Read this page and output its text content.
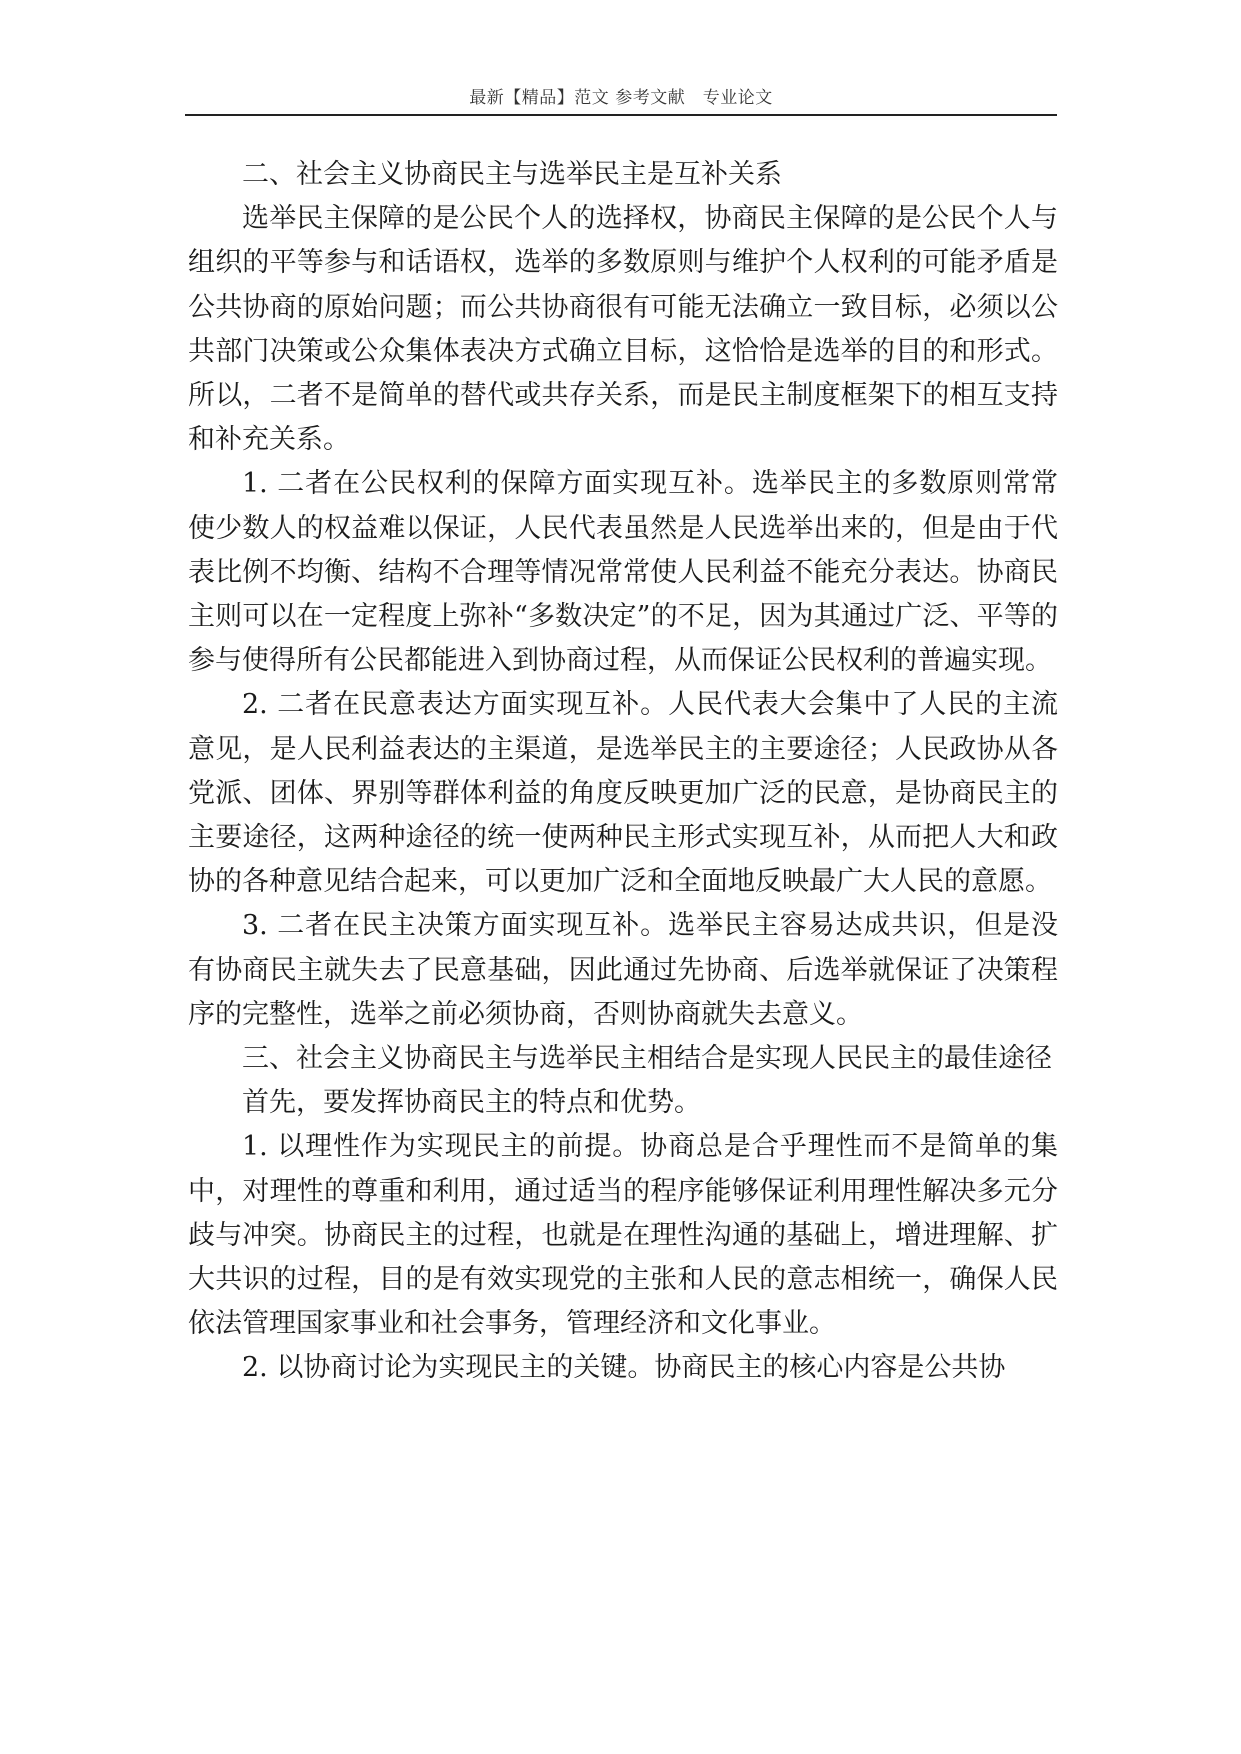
最新【精品】范文 参考文献　专业论文

二、社会主义协商民主与选举民主是互补关系

选举民主保障的是公民个人的选择权，协商民主保障的是公民个人与组织的平等参与和话语权，选举的多数原则与维护个人权利的可能矛盾是公共协商的原始问题；而公共协商很有可能无法确立一致目标，必须以公共部门决策或公众集体表决方式确立目标，这恰恰是选举的目的和形式。所以，二者不是简单的替代或共存关系，而是民主制度框架下的相互支持和补充关系。

1. 二者在公民权利的保障方面实现互补。选举民主的多数原则常常使少数人的权益难以保证，人民代表虽然是人民选举出来的，但是由于代表比例不均衡、结构不合理等情况常常使人民利益不能充分表达。协商民主则可以在一定程度上弥补“多数决定”的不足，因为其通过广泛、平等的参与使得所有公民都能进入到协商过程，从而保证公民权利的普遍实现。

2. 二者在民意表达方面实现互补。人民代表大会集中了人民的主流意见，是人民利益表达的主渠道，是选举民主的主要途径；人民政协从各党派、团体、界别等群体利益的角度反映更加广泛的民意，是协商民主的主要途径，这两种途径的统一使两种民主形式实现互补，从而把人大和政协的各种意见结合起来，可以更加广泛和全面地反映最广大人民的意愿。

3. 二者在民主决策方面实现互补。选举民主容易达成共识，但是没有协商民主就失去了民意基础，因此通过先协商、后选举就保证了决策程序的完整性，选举之前必须协商，否则协商就失去意义。

三、社会主义协商民主与选举民主相结合是实现人民民主的最佳途径

首先，要发挥协商民主的特点和优势。

1. 以理性作为实现民主的前提。协商总是合乎理性而不是简单的集中，对理性的尊重和利用，通过适当的程序能够保证利用理性解决多元分歧与冲突。协商民主的过程，也就是在理性沟通的基础上，增进理解、扩大共识的过程，目的是有效实现党的主张和人民的意志相统一，确保人民依法管理国家事业和社会事务，管理经济和文化事业。

2. 以协商讨论为实现民主的关键。协商民主的核心内容是公共协
